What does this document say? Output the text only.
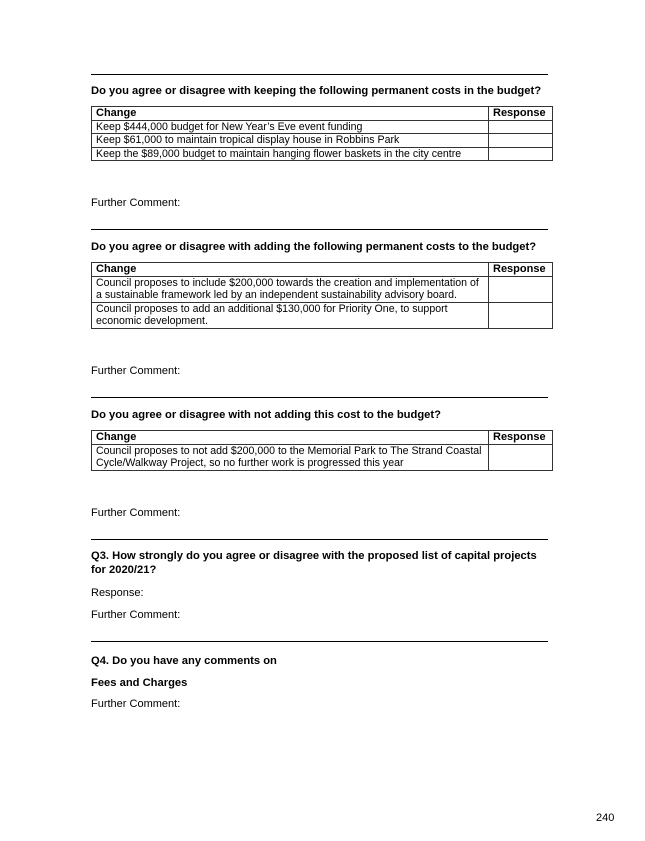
Do you agree or disagree with keeping the following permanent costs in the budget?
Change	Response
Keep $444,000 budget for New Year’s Eve event funding	
Keep $61,000 to maintain tropical display house in Robbins Park	
Keep the $89,000 budget to maintain hanging flower baskets in the city centre	
Further Comment:
Do you agree or disagree with adding the following permanent costs to the budget?
Change	Response
Council proposes to include $200,000 towards the creation and implementation of a sustainable framework led by an independent sustainability advisory board.	
Council proposes to add an additional $130,000 for Priority One, to support economic development.	
Further Comment:
Do you agree or disagree with not adding this cost to the budget?
Change	Response
Council proposes to not add $200,000 to the Memorial Park to The Strand Coastal Cycle/Walkway Project, so no further work is progressed this year	
Further Comment:
Q3. How strongly do you agree or disagree with the proposed list of capital projects for 2020/21?
Response:
Further Comment:
Q4. Do you have any comments on
Fees and Charges
Further Comment:
240
